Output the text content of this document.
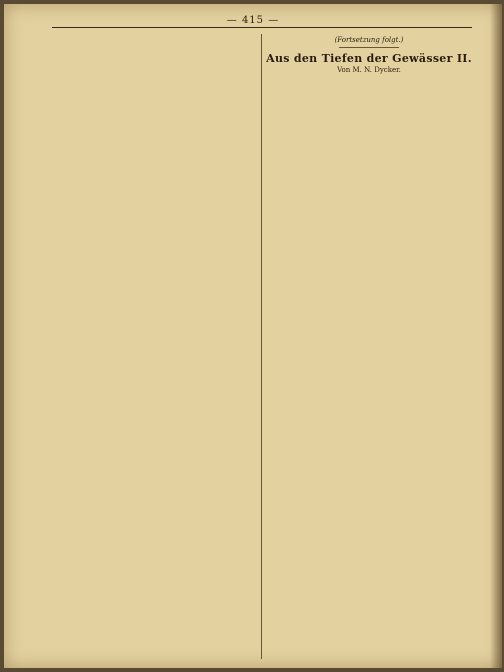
— 415 —

(Fortsetzung folgt.)

Aus den Tiefen der Gewässer II.
Von M. N. Dycker.
